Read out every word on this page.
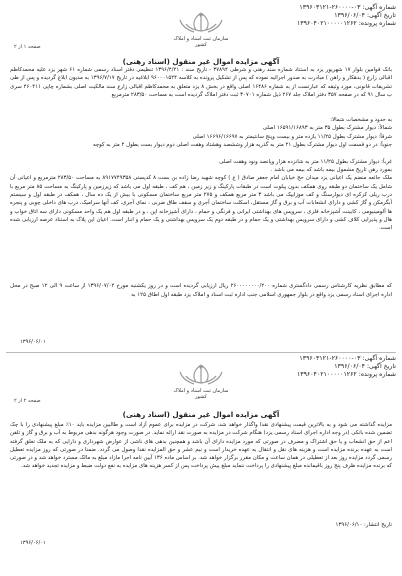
شماره آگهی: ۰۳-۲۶۰۰۰۰-۱۳۹۶۰۳۱۲۱
تاریخ آگهی: ۱۳۹۶/۰۶/۰۴
شماره پرونده: ۱۳۹۶۰۴۰۲۱۰۰۰۰۰۱۲۶۲
صفحه ۱ از ۲
سازمان ثبت اسناد و املاک کشور
آگهی مزایده اموال غیر منقول (اسناد رهنی)

بانک قوامین بلوار ۱۷ شهریور یزد به استناد شماره سند رهنی و شرطی ۳۷۸۹۴ - تاریخ سند : ۱۳۹۶/۴/۲۱ تنظیمی دفتر اسناد رسمی شماره ۶۱ شهر یزد علیه محمدکاظم اقبالی زارع ( بدهکار و راهن ) مبادرت به صدور اجرائیه نموده که پس از تشکیل پرونده به کلاسه ۹۶۰۰۰۱۵۲۴ ابلاغیه در تاریخ ۱۳۹۶/۷/۱۷ به مدیون ابلاغ گردیده و پس از طی تشریفات قانونی، مورد وثیقه که عبارتست از به شماره ۱۶۴۸۶ اصلی واقع در بخش ۸ یزد متعلق به محمدکاظم اقبالی زارع سند مالکیت اصلی بشماره چاپی ۴۶۰۴۱۱ سری ب سال ۹۱ که در صفحه ۳۵۷ دفتر املاک جلد ۲۶۷ ذیل شماره ۳۰۷۰۱ ثبت دفتر املاک گردیده است به مساحت ۲۸۳/۵۰ مترمربع

به حدود و مشخصات شمالا:

شمالاً: دیوار مشترک بطول ۳۵ متر به ۱۶۵۹۱/۱۶۸۹۳ اصلی

شرقاً: دیوار مشترک بطول ۱۱/۲۵ یازده متر و بیست وپنج سانتیمتر به ۱۶۶۹۶/۱۶۶۹۷ اصلی

جنوباً: در دو قسمت اول دیوار مشترک بطول ۲۱ متر به گذریه هزار وششصد وهشتاد وهفت اصلی دوم دیوار بست بطول ۴ متر به کوچه

غرباً: دیوار مشترک بطول ۱۱/۲۵ متر به شانزده هزار وپانصد ونود وهفت اصلی

بمورد رهن تاریخ مشمول بیمه باشد که بیمه می باشد .

ملک جائعه منضم یک اعیانی یزد میدان حج خیابان امام جعفر صادق ( ع ) کوچه شهید رضا زاده بن بست ۸ کدپستی ۸۹۱۷۷۴۹۳۵۸ به مساحت ۲۸۳/۵۰ مترمربع و اعیانی آن شامل یک ساختمان دو طبقه روی همکف بدون پیلوت است در طبقات پارکینگ و زیر زمین ، هم کف ، طبقه اول می باشد که زیرزمین و پارکینگ به مساحت ۸۵ متر مربع با درب ریلی کرکره ای دیوارسنگ و کف موزاییک می باشد ۳ متر مربع همکف و ۲۷۵ متر مربع ساختمان مسکونی با بیش از یک ده سال ، همکف در طبقه اول و سیستم آبگرمکن و گاز کشی و دارای انشعابات آب و برق و گاز مستقل، اسکلت ساختمان آجری و سقف طاق ضربی ، نمای آجری، کف آنها سرامیک، درب های داخلی چوبی و پنجره ها آلومینیومی ، کابینت آشپزخانه فلزی ، سرویس های بهداشتی ایرانی و فرنگی و حمام ، دارای آشپزخانه اپن ، و در طبقه اول هم یک واحد مسکونی دارای سه اتاق خواب و هال و پذیرایی کلاف کشی و دارای سرویس بهداشتی و یک حمام و در طبقه دوم یک سرویس بهداشتی و یک حمام و انبار است. اعیان این پلاک به استناد عرصه ارزیابی شده است.

که مطابق نظریه کارشناس رسمی دادگستری شماره ۲۶۰۰۰۰۰۰۰۰/۲۰۰ ریال ارزیابی گردیده است و در روز یکشنبه مورخ ۱۳۹۶/۰۷/۰۲ از ساعت ۹ الی ۱۲ صبح در محل اداره اجرای اسناد رسمی یزد واقع در بلوار جمهوری اسلامی جنب اداره ثبت اسناد و املاک یزد طبقه اول اطاق ۱۲۵ به

۱۳۹۶/۰۶/۰۱
شماره آگهی: ۰۳-۲۶۰۰۰۰-۱۳۹۶۰۳۱۲۱
تاریخ آگهی: ۱۳۹۶/۰۶/۰۴
شماره پرونده: ۱۳۹۶۰۴۰۲۱۰۰۰۰۰۱۲۶۲
صفحه ۲ از ۲
سازمان ثبت اسناد و املاک کشور
آگهی مزایده اموال غیر منقول (اسناد رهنی)

مزایده گذاشته می شود و به بالاترین قیمت پیشنهادی نقدا واگذار خواهد شد، شرکت در مزایده برای عموم آزاد است و طالبین مزایده باید ۱۰٪ مبلغ پیشنهادی را با چک تضمین شده بانکی (در وجه اداره اجرای اسناد رسمی یزد) هنگام شرکت در مزایده به صورت نقد ارائه نماید. در صورت وجود هرگونه بدهی مربوط به آب و برق و گاز و تلفن اعم از حق انشعاب و یا حق اشتراک و مصرف در صورتی که مورد مزایده دارای آن باشد و همچنین بدهی های ناشی از عوارض شهرداری و دارایی که به ملک تعلق گرفته است به عهده برنده مزایده است و هزینه های نقل و انتقال به عهده خریدار است و نیم عشر و حق المزایده نقدا وصول می گردد. ضمنا در صورتی که روز مزایده تعطیل رسمی گردد مزایده روز بعد از تعطیلی در همان ساعت و مکان مقرر برگزار خواهد شد. بر اساس ماده ۱۳۶ آیین نامه اجرا مازاد مبلغ به مالک مسترد خواهد شد و در صورتی که برنده مزایده ظرف پنج روز باقیمانده مبلغ پیشنهادی را پرداخت ننماید مبلغ پیش پرداخت پس از کسر هزینه های مزایده به نفع دولت ضبط و مزایده تجدید خواهد شد.

تاریخ انتشار: ۱۳۹۶/۰۶/۱۰

۱۳۹۶/۰۶/۰۱
